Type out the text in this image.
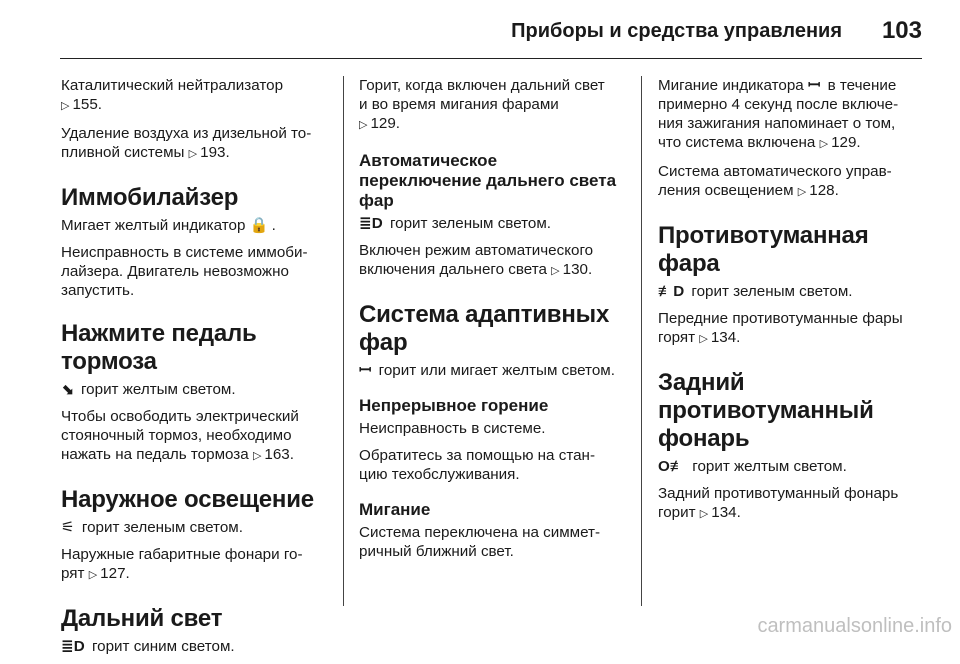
Приборы и средства управления 103

Каталитический нейтрализатор
▷ 155.

Удаление воздуха из дизельной то-
пливной системы ▷ 193.

Иммобилайзер

Мигает желтый индикатор 🔒 .

Неисправность в системе иммоби-
лайзера. Двигатель невозможно
запустить.

Нажмите педаль тормоза

⬊ горит желтым светом.

Чтобы освободить электрический
стояночный тормоз, необходимо
нажать на педаль тормоза ▷ 163.

Наружное освещение

⚟ горит зеленым светом.

Наружные габаритные фонари го-
рят ▷ 127.

Дальний свет

≣D горит синим светом.

Горит, когда включен дальний свет
и во время мигания фарами
▷ 129.

Автоматическое
переключение дальнего света
фар

≣D горит зеленым светом.

Включен режим автоматического
включения дальнего света ▷ 130.

Система адаптивных
фар

ꟷ горит или мигает желтым светом.

Непрерывное горение

Неисправность в системе.

Обратитесь за помощью на стан-
цию техобслуживания.

Мигание

Система переключена на симмет-
ричный ближний свет.

Мигание индикатора ꟷ в течение
примерно 4 секунд после включе-
ния зажигания напоминает о том,
что система включена ▷ 129.

Система автоматического управ-
ления освещением ▷ 128.

Противотуманная фара

≢D горит зеленым светом.

Передние противотуманные фары
горят ▷ 134.

Задний
противотуманный
фонарь

O≢ горит желтым светом.

Задний противотуманный фонарь
горит ▷ 134.

carmanualsonline.info
